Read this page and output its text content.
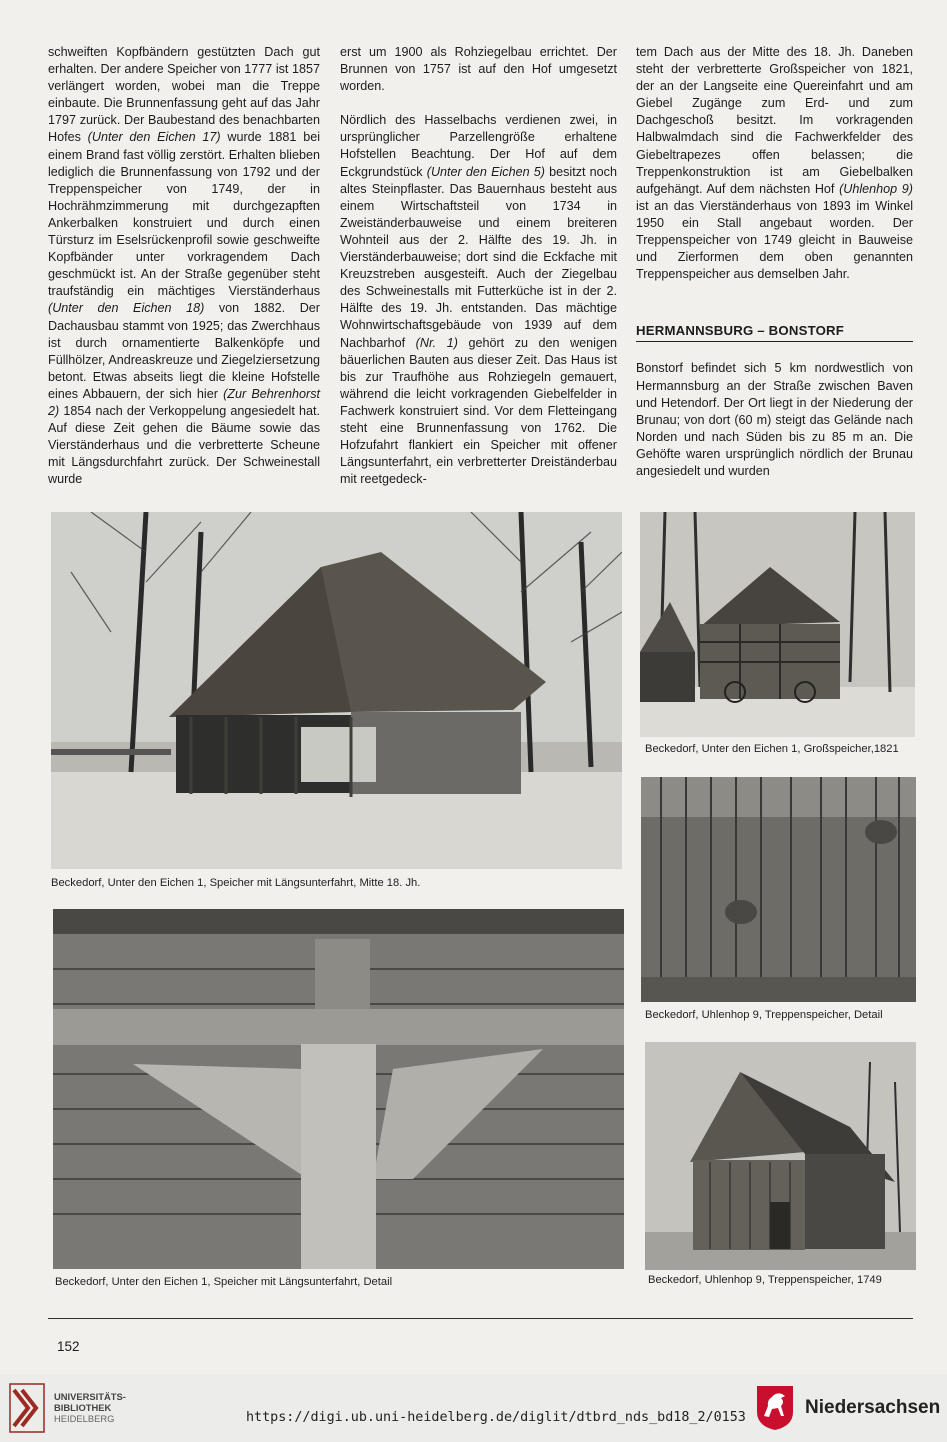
schweiften Kopfbändern gestützten Dach gut erhalten. Der andere Speicher von 1777 ist 1857 verlängert worden, wobei man die Treppe einbaute. Die Brunnenfassung geht auf das Jahr 1797 zurück. Der Baubestand des benachbarten Hofes (Unter den Eichen 17) wurde 1881 bei einem Brand fast völlig zerstört. Erhalten blieben lediglich die Brunnenfassung von 1792 und der Treppenspeicher von 1749, der in Hochrähmzimmerung mit durchgezapften Ankerbalken konstruiert und durch einen Türsturz im Eselsrückenprofil sowie geschweifte Kopfbänder unter vorkragendem Dach geschmückt ist. An der Straße gegenüber steht traufständig ein mächtiges Vierständerhaus (Unter den Eichen 18) von 1882. Der Dachausbau stammt von 1925; das Zwerchhaus ist durch ornamentierte Balkenköpfe und Füllhölzer, Andreaskreuze und Ziegelziersetzung betont. Etwas abseits liegt die kleine Hofstelle eines Abbauern, der sich hier (Zur Behrenhorst 2) 1854 nach der Verkoppelung angesiedelt hat. Auf diese Zeit gehen die Bäume sowie das Vierständerhaus und die verbretterte Scheune mit Längsdurchfahrt zurück. Der Schweinestall wurde

erst um 1900 als Rohziegelbau errichtet. Der Brunnen von 1757 ist auf den Hof umgesetzt worden.

Nördlich des Hasselbachs verdienen zwei, in ursprünglicher Parzellengröße erhaltene Hofstellen Beachtung. Der Hof auf dem Eckgrundstück (Unter den Eichen 5) besitzt noch altes Steinpflaster. Das Bauernhaus besteht aus einem Wirtschaftsteil von 1734 in Zweiständerbauweise und einem breiteren Wohnteil aus der 2. Hälfte des 19. Jh. in Vierständerbauweise; dort sind die Eckfache mit Kreuzstreben ausgesteift. Auch der Ziegelbau des Schweinestalls mit Futterküche ist in der 2. Hälfte des 19. Jh. entstanden. Das mächtige Wohnwirtschaftsgebäude von 1939 auf dem Nachbarhof (Nr. 1) gehört zu den wenigen bäuerlichen Bauten aus dieser Zeit. Das Haus ist bis zur Traufhöhe aus Rohziegeln gemauert, während die leicht vorkragenden Giebelfelder in Fachwerk konstruiert sind. Vor dem Fletteingang steht eine Brunnenfassung von 1762. Die Hofzufahrt flankiert ein Speicher mit offener Längsunterfahrt, ein verbretterter Dreiständerbau mit reetgedeck-

tem Dach aus der Mitte des 18. Jh. Daneben steht der verbretterte Großspeicher von 1821, der an der Langseite eine Quereinfahrt und am Giebel Zugänge zum Erd- und zum Dachgeschoß besitzt. Im vorkragenden Halbwalmdach sind die Fachwerkfelder des Giebeltrapezes offen belassen; die Treppenkonstruktion ist am Giebelbalken aufgehängt. Auf dem nächsten Hof (Uhlenhop 9) ist an das Vierständerhaus von 1893 im Winkel 1950 ein Stall angebaut worden. Der Treppenspeicher von 1749 gleicht in Bauweise und Zierformen dem oben genannten Treppenspeicher aus demselben Jahr.

HERMANNSBURG – BONSTORF

Bonstorf befindet sich 5 km nordwestlich von Hermannsburg an der Straße zwischen Baven und Hetendorf. Der Ort liegt in der Niederung der Brunau; von dort (60 m) steigt das Gelände nach Norden und nach Süden bis zu 85 m an. Die Gehöfte waren ursprünglich nördlich der Brunau angesiedelt und wurden

Beckedorf, Unter den Eichen 1, Speicher mit Längsunterfahrt, Mitte 18. Jh.
Beckedorf, Unter den Eichen 1, Großspeicher,1821
Beckedorf, Uhlenhop 9, Treppenspeicher, Detail
Beckedorf, Unter den Eichen 1, Speicher mit Längsunterfahrt, Detail	Beckedorf, Uhlenhop 9, Treppenspeicher, 1749
152
UNIVERSITÄTS-
BIBLIOTHEK
HEIDELBERG	https://digi.ub.uni-heidelberg.de/diglit/dtbrd_nds_bd18_2/0153	Niedersachsen
